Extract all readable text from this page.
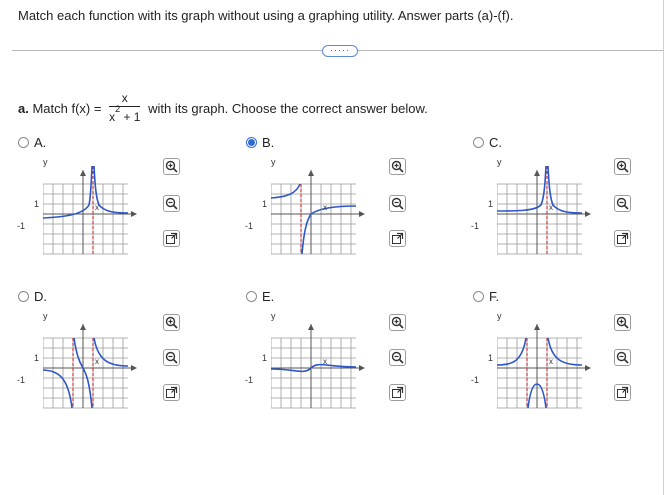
Match each function with its graph without using a graphing utility. Answer parts (a)-(f).
·····
a. Match $f(x) = \frac{x}{x^2 + 1}$ with its graph. Choose the correct answer below.
A.	B.	C.
D.	E.	F.
y
x
1
-1
y
x
1
-1
y
x
1
-1
y
x
1
-1
y
x
1
-1
y
x
1
-1
